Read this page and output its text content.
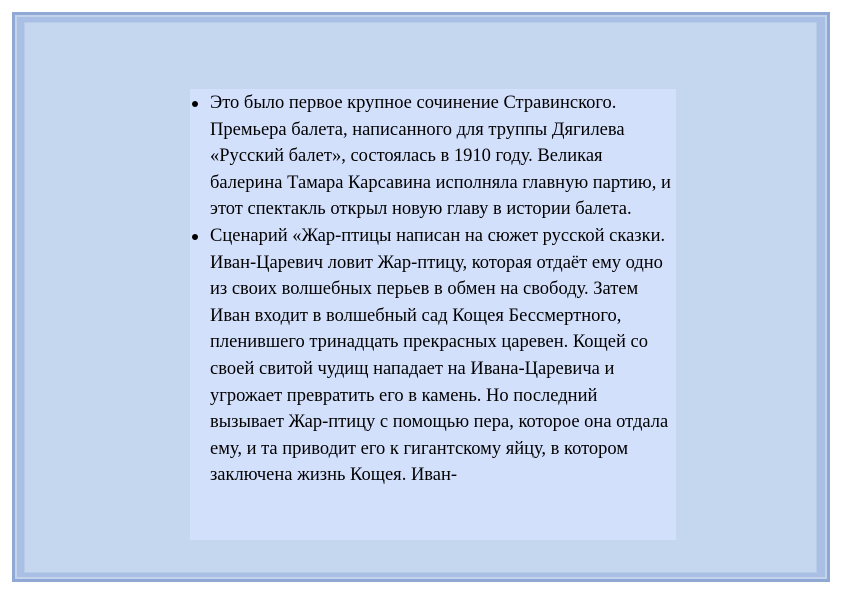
Это было первое крупное сочинение Стравинского. Премьера балета, написанного для труппы Дягилева «Русский балет», состоялась в 1910 году. Великая балерина Тамара Карсавина исполняла главную партию, и этот спектакль открыл новую главу в истории балета.
Сценарий «Жар-птицы написан на сюжет русской сказки. Иван-Царевич ловит Жар-птицу, которая отдаёт ему одно из своих волшебных перьев в обмен на свободу. Затем Иван входит в волшебный сад Кощея Бессмертного, пленившего тринадцать прекрасных царевен. Кощей со своей свитой чудищ нападает на Ивана-Царевича и угрожает превратить его в камень. Но последний вызывает Жар-птицу с помощью пера, которое она отдала ему, и та приводит его к гигантскому яйцу, в котором заключена жизнь Кощея. Иван-
